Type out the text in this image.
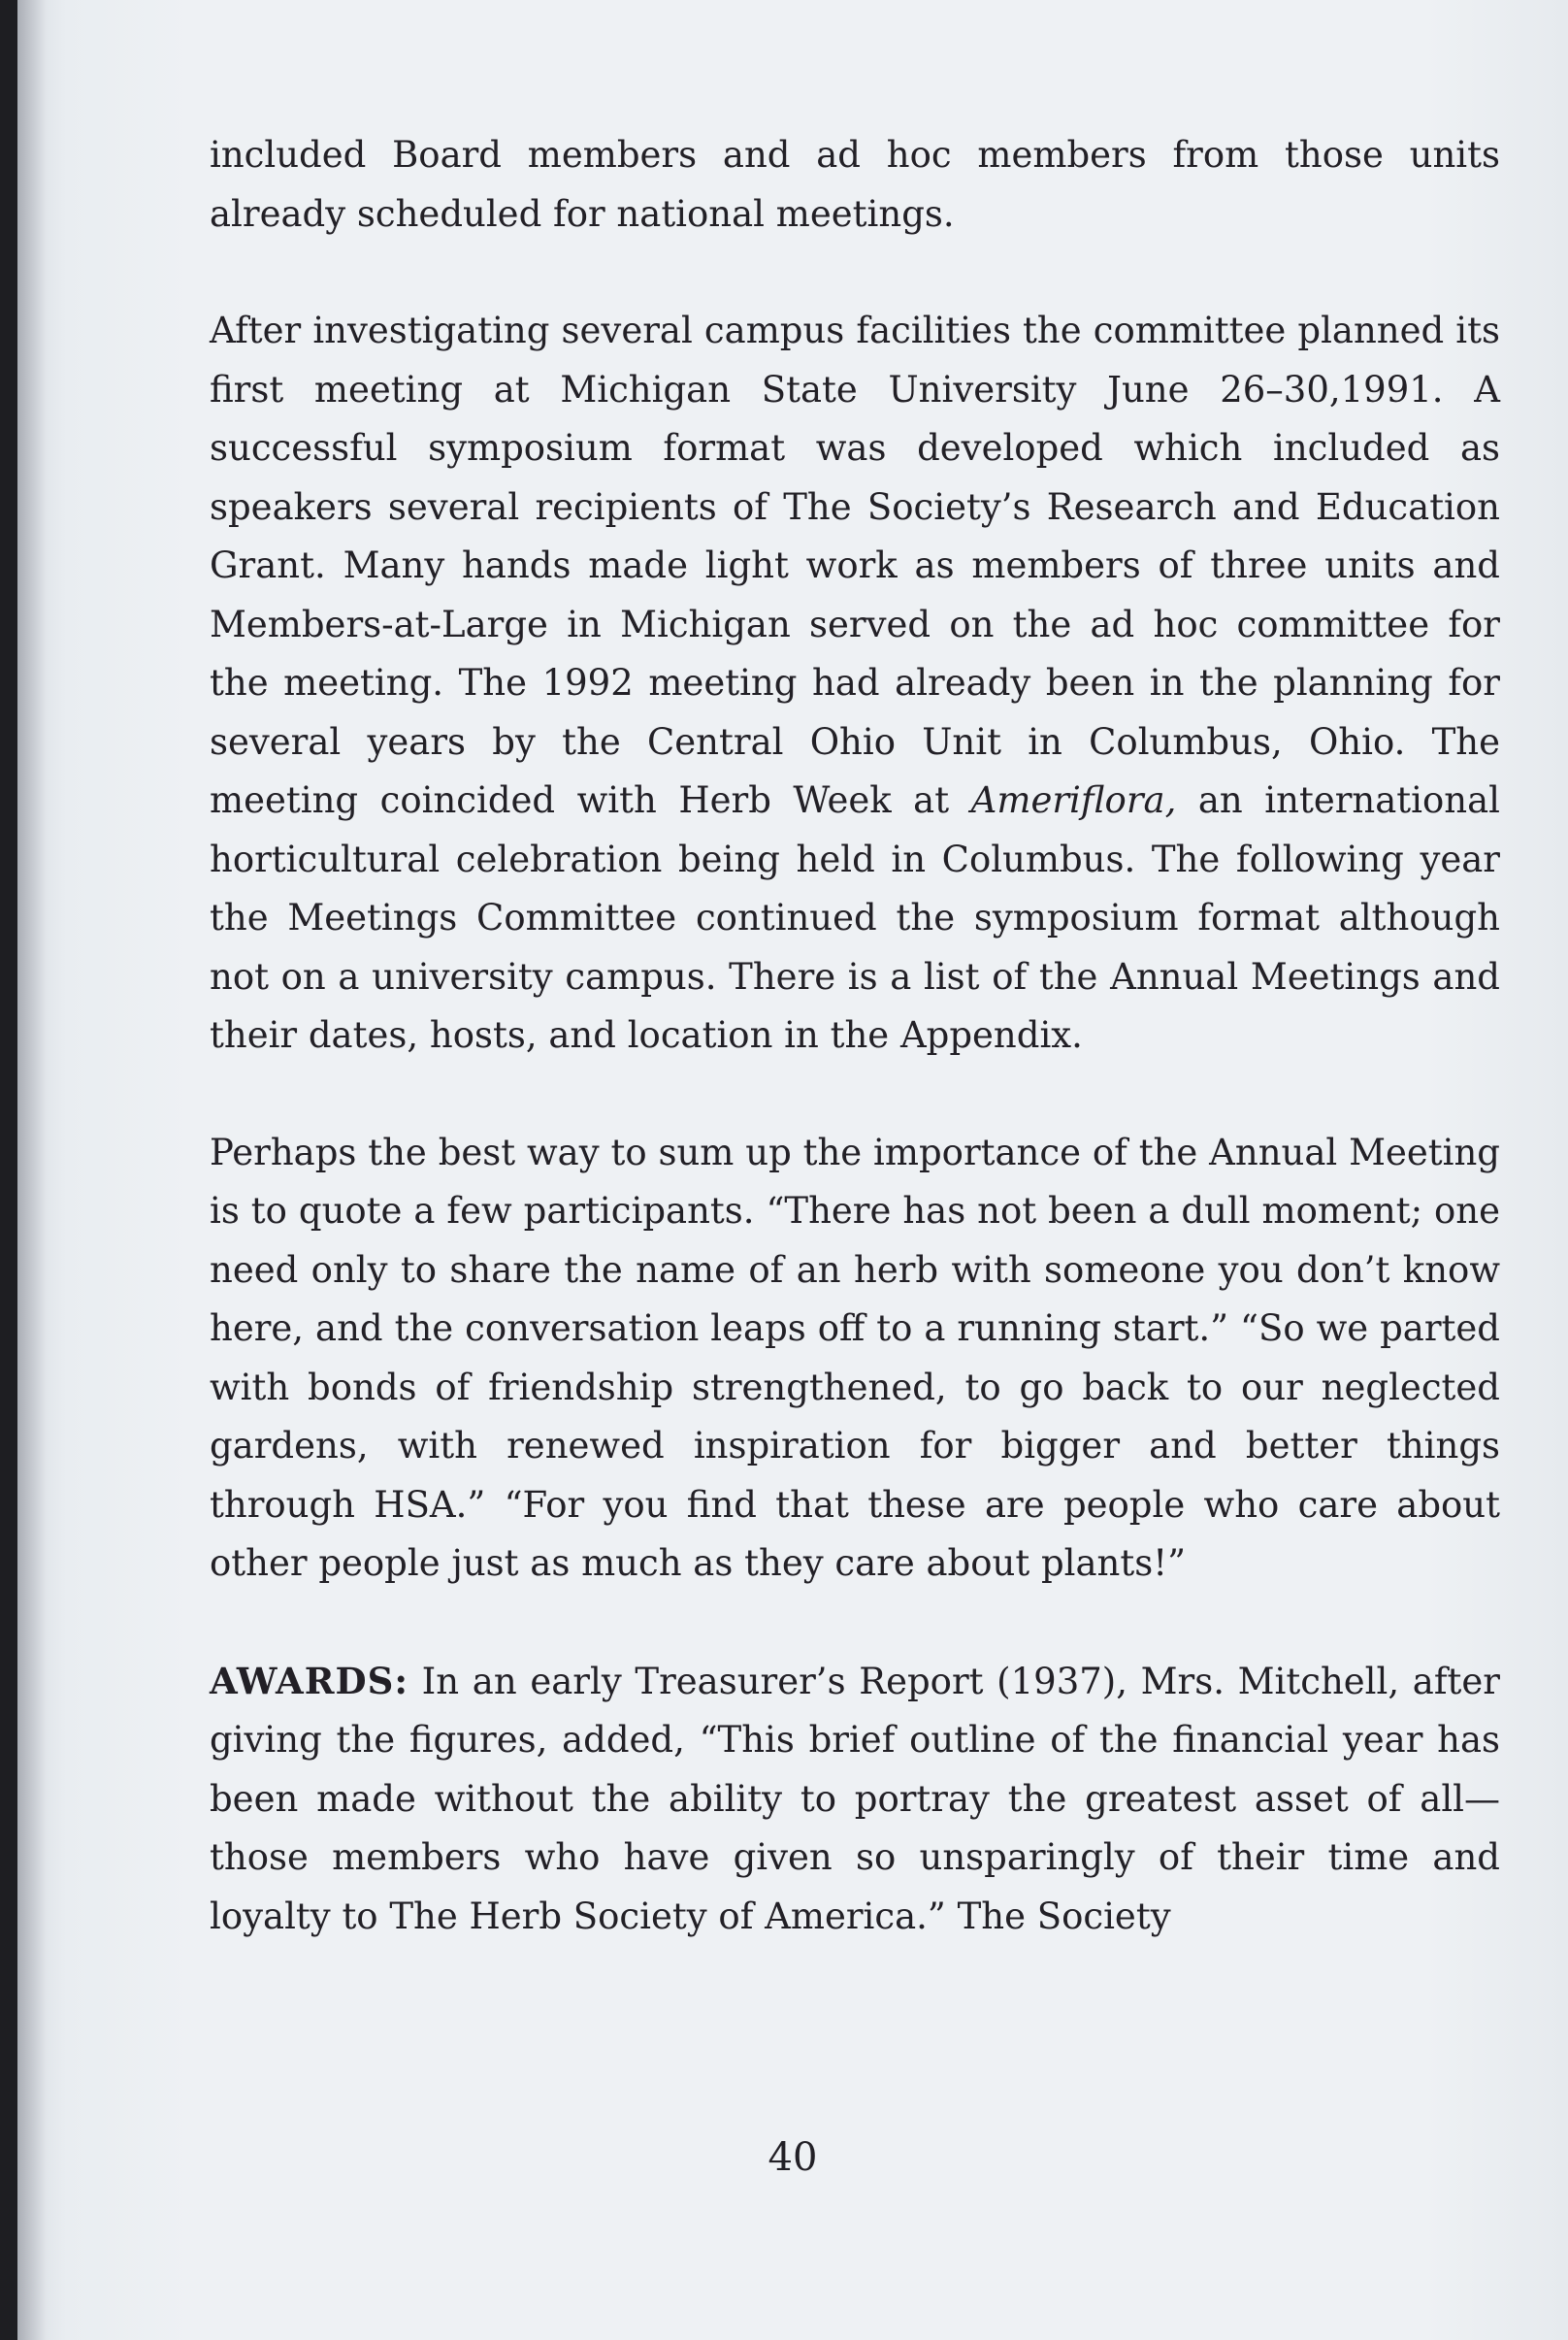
included Board members and ad hoc members from those units already scheduled for national meetings.

After investigating several campus facilities the committee planned its first meeting at Michigan State University June 26–30,1991. A successful symposium format was developed which included as speakers several recipients of The Society’s Research and Education Grant. Many hands made light work as members of three units and Members-at-Large in Michigan served on the ad hoc committee for the meeting. The 1992 meeting had already been in the planning for several years by the Central Ohio Unit in Columbus, Ohio. The meeting coincided with Herb Week at Ameriflora, an international horticultural celebration being held in Columbus. The following year the Meetings Committee continued the symposium format although not on a university campus. There is a list of the Annual Meetings and their dates, hosts, and location in the Appendix.

Perhaps the best way to sum up the importance of the Annual Meeting is to quote a few participants. “There has not been a dull moment; one need only to share the name of an herb with someone you don’t know here, and the conversation leaps off to a running start.” “So we parted with bonds of friendship strengthened, to go back to our neglected gardens, with renewed inspiration for bigger and better things through HSA.” “For you find that these are people who care about other people just as much as they care about plants!”

AWARDS: In an early Treasurer’s Report (1937), Mrs. Mitchell, after giving the figures, added, “This brief outline of the financial year has been made without the ability to portray the greatest asset of all—those members who have given so unsparingly of their time and loyalty to The Herb Society of America.” The Society

40
